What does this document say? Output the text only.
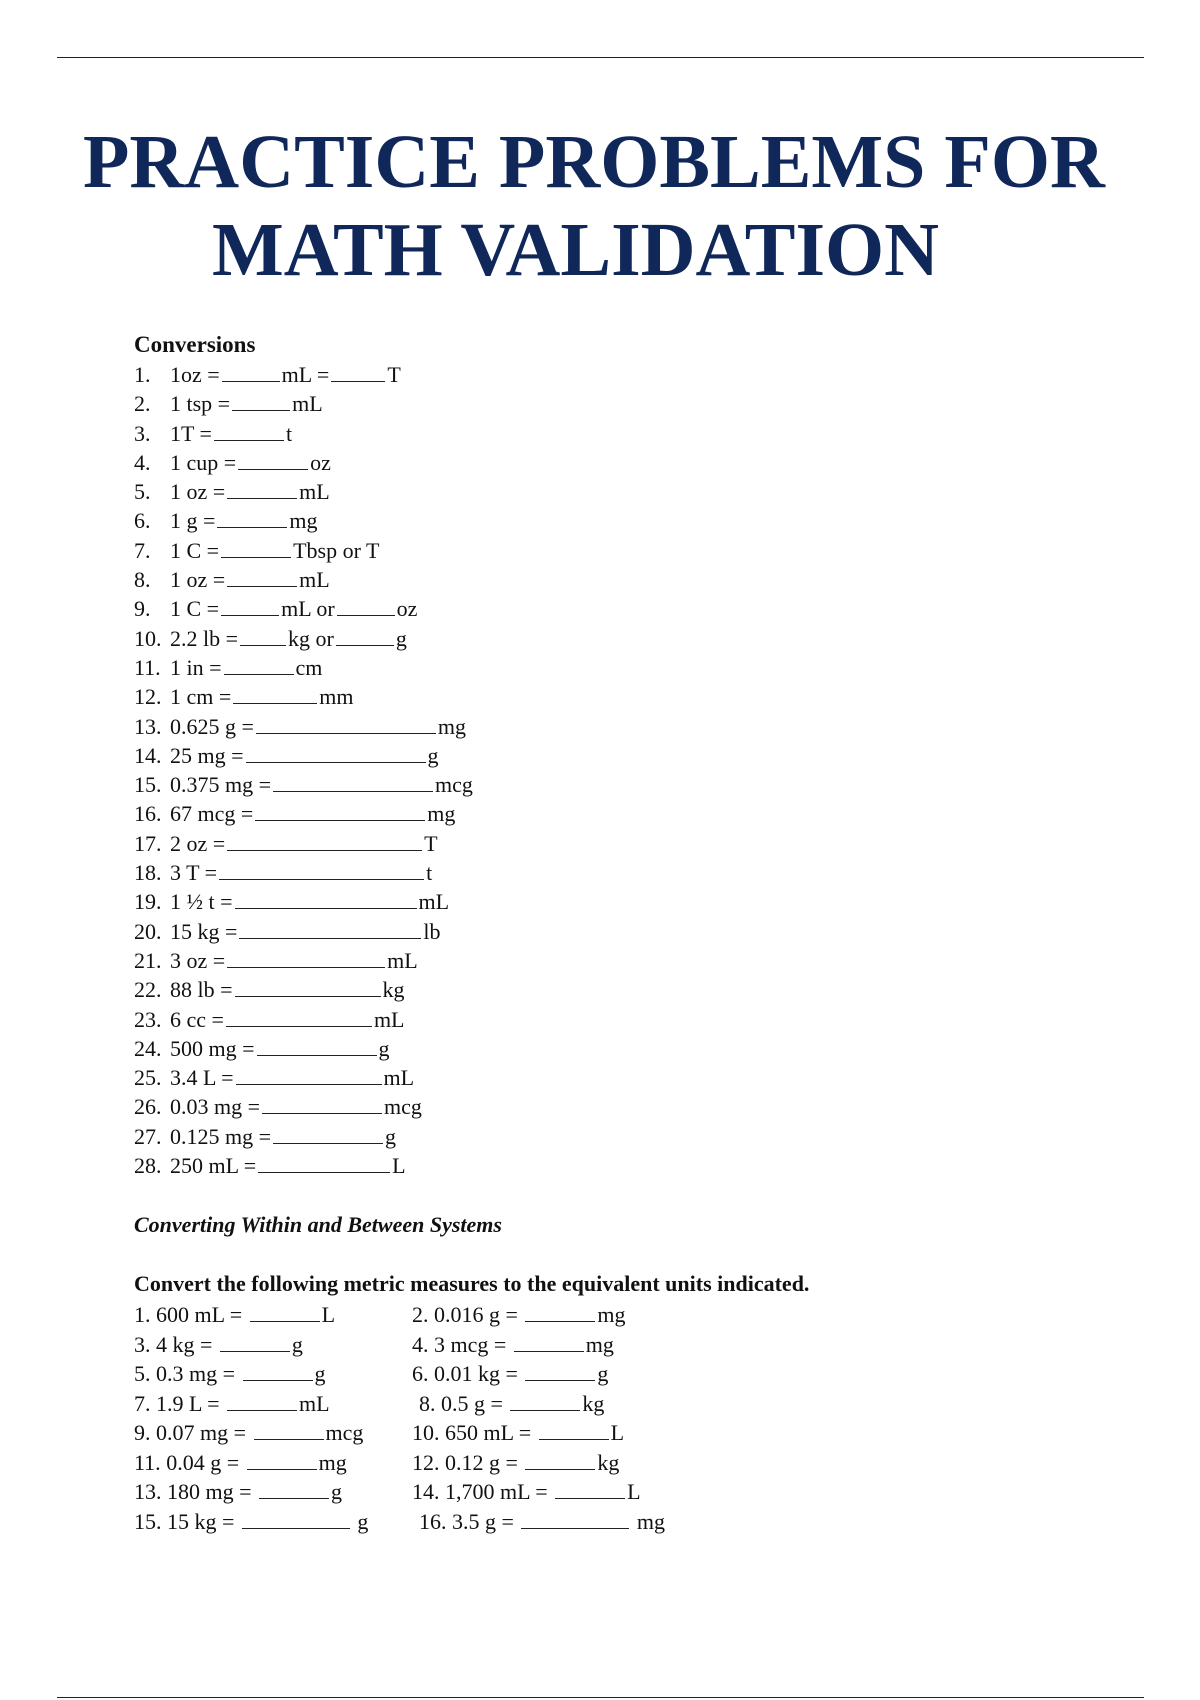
PRACTICE PROBLEMS FOR
MATH VALIDATION
Conversions
1. 1oz =	mL =	T
2. 1 tsp =	mL
3. 1T =	t
4. 1 cup =	oz
5. 1 oz =	mL
6. 1 g =	mg
7. 1 C =	Tbsp or T
8. 1 oz =	mL
9. 1 C =	mL or	oz
10. 2.2 lb = kg or	g
11. 1 in =	cm
12. 1 cm =	mm
13. 0.625 g =	mg
14. 25 mg =	g
15. 0.375 mg =	mcg
16. 67 mcg =	mg
17. 2 oz =	T
18. 3 T =	t
19. 1 ½ t =	mL
20. 15 kg =	lb
21. 3 oz =	mL
22. 88 lb =	kg
23. 6 cc =	mL
24. 500 mg =	g
25. 3.4 L =	mL
26. 0.03 mg =	mcg
27. 0.125 mg =	g
28. 250 mL =	L
Converting Within and Between Systems
Convert the following metric measures to the equivalent units indicated.
1. 600 mL =	L	2. 0.016 g =	mg
3. 4 kg =	g	4. 3 mcg =	mg
5. 0.3 mg =	g	6. 0.01 kg =	g
7. 1.9 L =	mL	8. 0.5 g =	kg
9. 0.07 mg =	mcg 10. 650 mL =	L
11. 0.04 g =	mg	12. 0.12 g =	kg
13. 180 mg =	g	14. 1,700 mL =	L
15. 15 kg =	g 16. 3.5 g =	mg
